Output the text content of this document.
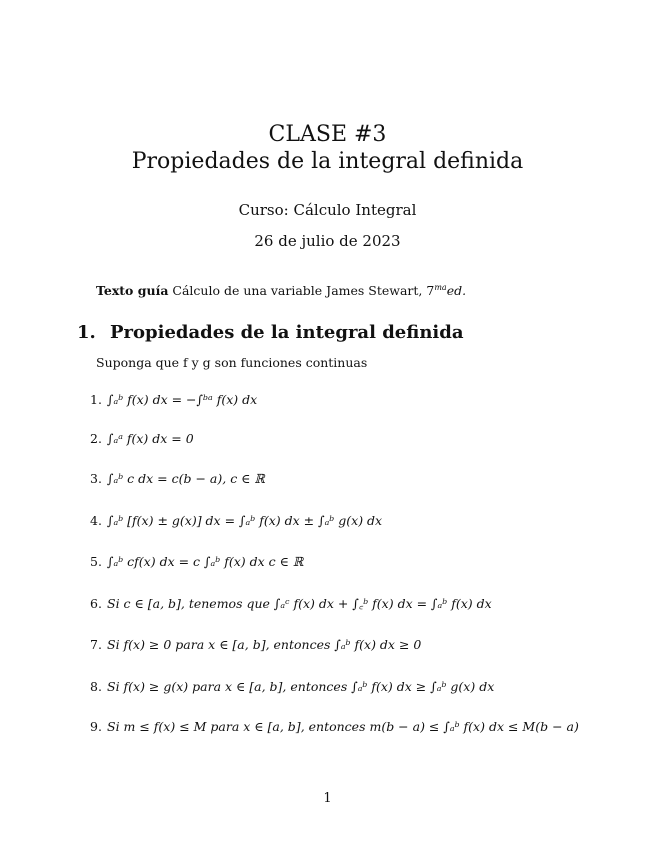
CLASE #3
Propiedades de la integral definida
Curso: Cálculo Integral
26 de julio de 2023
Texto guía Cálculo de una variable James Stewart, $7^{ma}ed$.
1. Propiedades de la integral definida
Suponga que f y g son funciones continuas
1. ∫ₐᵇ f(x) dx = −∫ᵇᵃ f(x) dx
2. ∫ₐᵃ f(x) dx = 0
3. ∫ₐᵇ c dx = c(b − a), c ∈ ℝ
4. ∫ₐᵇ [f(x) ± g(x)] dx = ∫ₐᵇ f(x) dx ± ∫ₐᵇ g(x) dx
5. ∫ₐᵇ cf(x) dx = c ∫ₐᵇ f(x) dx c ∈ ℝ
6. Si c ∈ [a, b], tenemos que ∫ₐᶜ f(x) dx + ∫꜀ᵇ f(x) dx = ∫ₐᵇ f(x) dx
7. Si f(x) ≥ 0 para x ∈ [a, b], entonces ∫ₐᵇ f(x) dx ≥ 0
8. Si f(x) ≥ g(x) para x ∈ [a, b], entonces ∫ₐᵇ f(x) dx ≥ ∫ₐᵇ g(x) dx
9. Si m ≤ f(x) ≤ M para x ∈ [a, b], entonces m(b − a) ≤ ∫ₐᵇ f(x) dx ≤ M(b − a)
1
